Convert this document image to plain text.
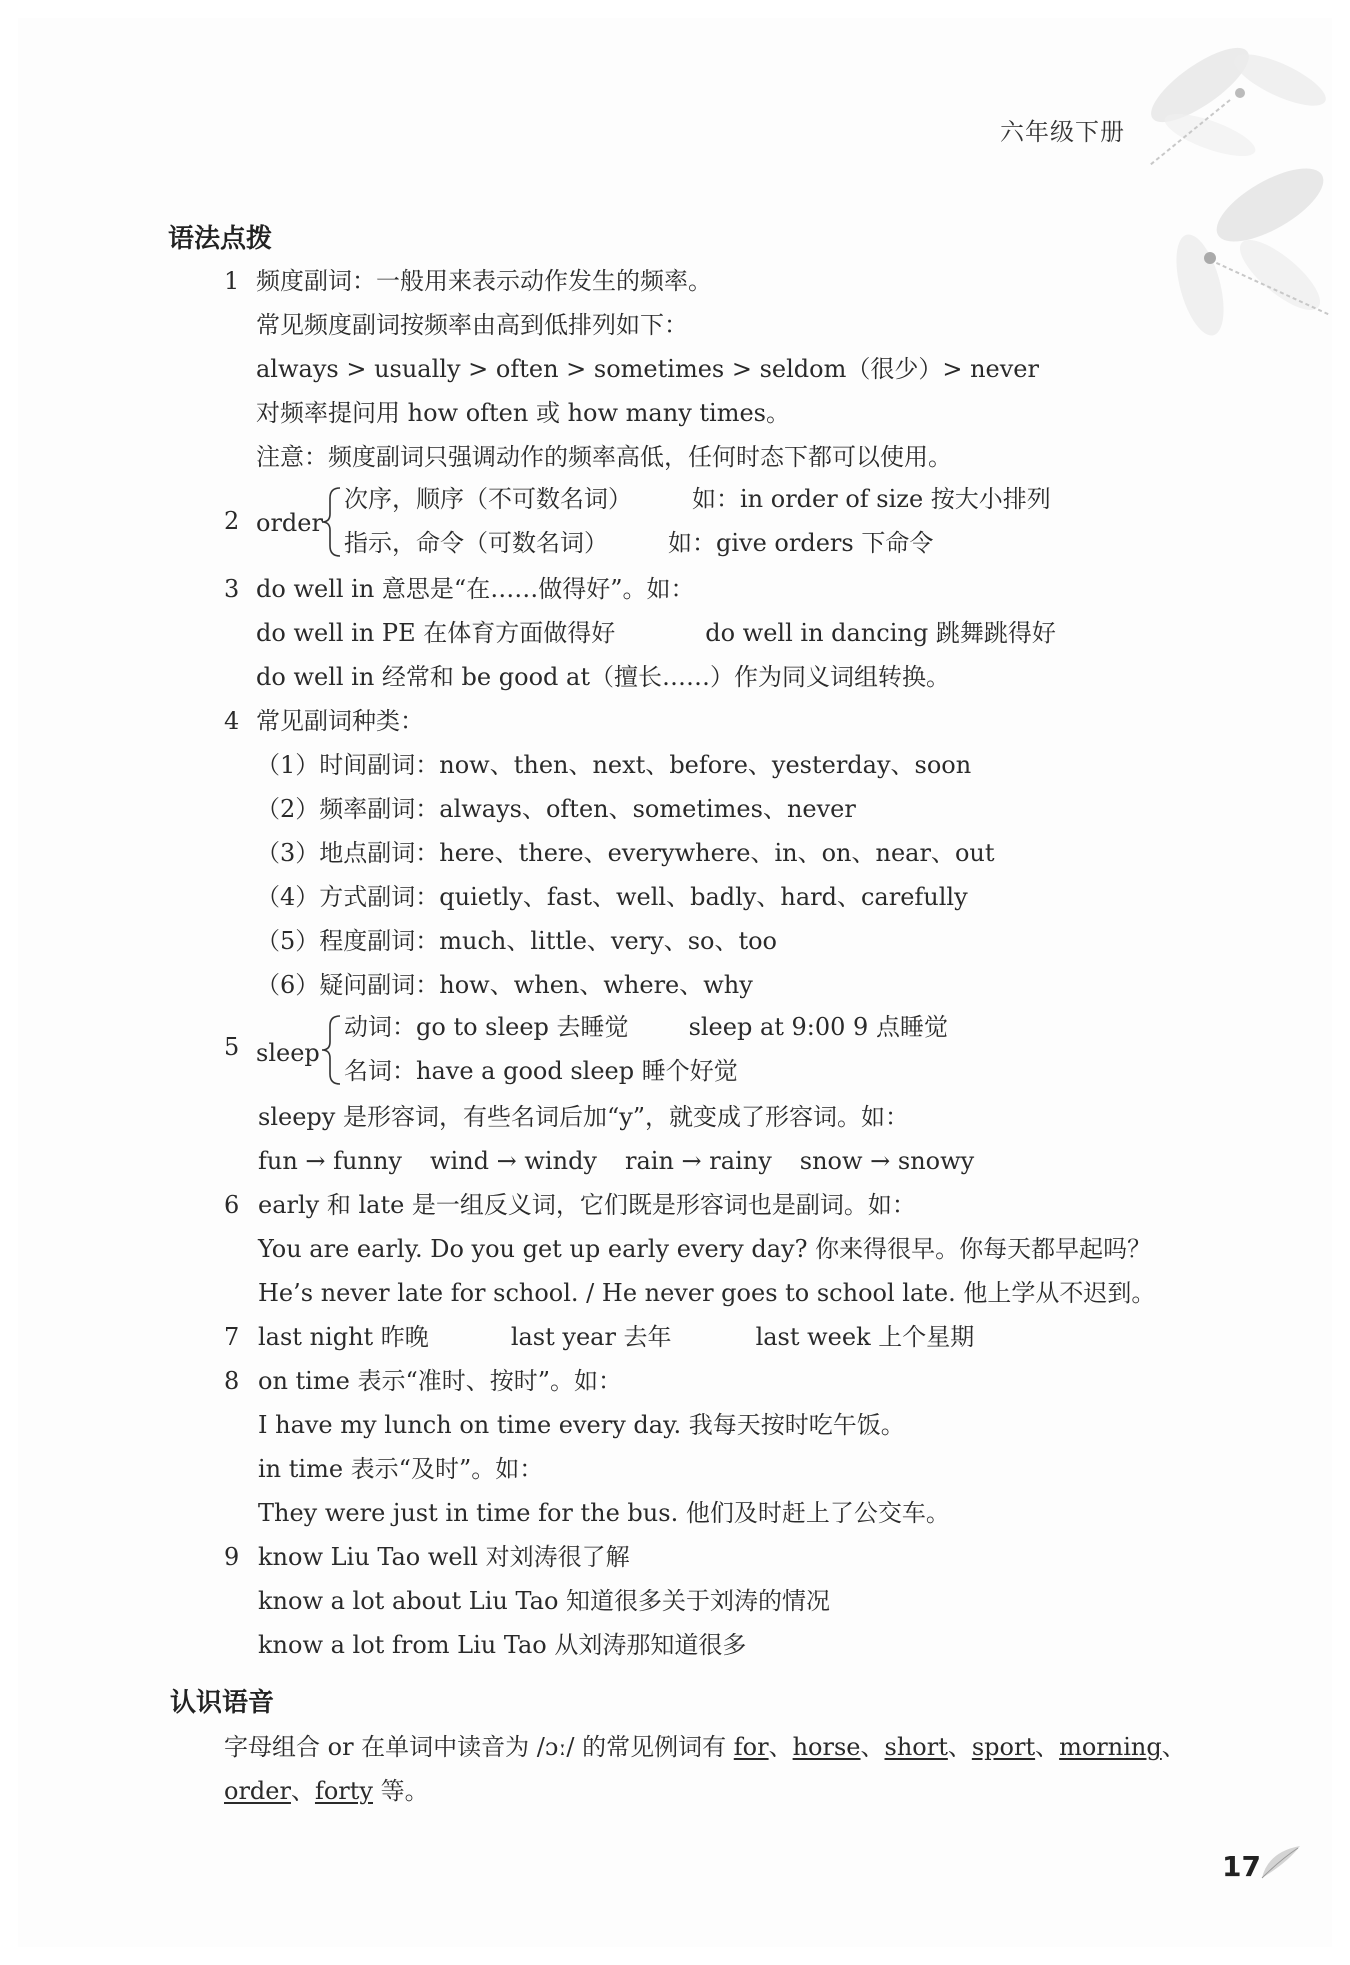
六年级下册
语法点拨
1 频度副词：一般用来表示动作发生的频率。
常见频度副词按频率由高到低排列如下：
always > usually > often > sometimes > seldom（很少）> never
对频率提问用 how often 或 how many times。
注意：频度副词只强调动作的频率高低，任何时态下都可以使用。
2 order
次序，顺序（不可数名词）	如：in order of size 按大小排列
指示，命令（可数名词）	如：give orders 下命令
3 do well in 意思是“在……做得好”。如：
do well in PE 在体育方面做得好	do well in dancing 跳舞跳得好
do well in 经常和 be good at（擅长……）作为同义词组转换。
4 常见副词种类：
（1）时间副词：now、then、next、before、yesterday、soon
（2）频率副词：always、often、sometimes、never
（3）地点副词：here、there、everywhere、in、on、near、out
（4）方式副词：quietly、fast、well、badly、hard、carefully
（5）程度副词：much、little、very、so、too
（6）疑问副词：how、when、where、why
5 sleep
动词：go to sleep 去睡觉	sleep at 9:00 9 点睡觉
名词：have a good sleep 睡个好觉
sleepy 是形容词，有些名词后加“y”，就变成了形容词。如：
fun → funny wind → windy rain → rainy snow → snowy
6 early 和 late 是一组反义词，它们既是形容词也是副词。如：
You are early. Do you get up early every day? 你来得很早。你每天都早起吗？
He’s never late for school. / He never goes to school late. 他上学从不迟到。
7 last night 昨晚	last year 去年	last week 上个星期
8 on time 表示“准时、按时”。如：
I have my lunch on time every day. 我每天按时吃午饭。
in time 表示“及时”。如：
They were just in time for the bus. 他们及时赶上了公交车。
9 know Liu Tao well 对刘涛很了解
know a lot about Liu Tao 知道很多关于刘涛的情况
know a lot from Liu Tao 从刘涛那知道很多
认识语音
字母组合 or 在单词中读音为 /ɔː/ 的常见例词有 for、horse、short、sport、morning、
order、forty 等。
17
